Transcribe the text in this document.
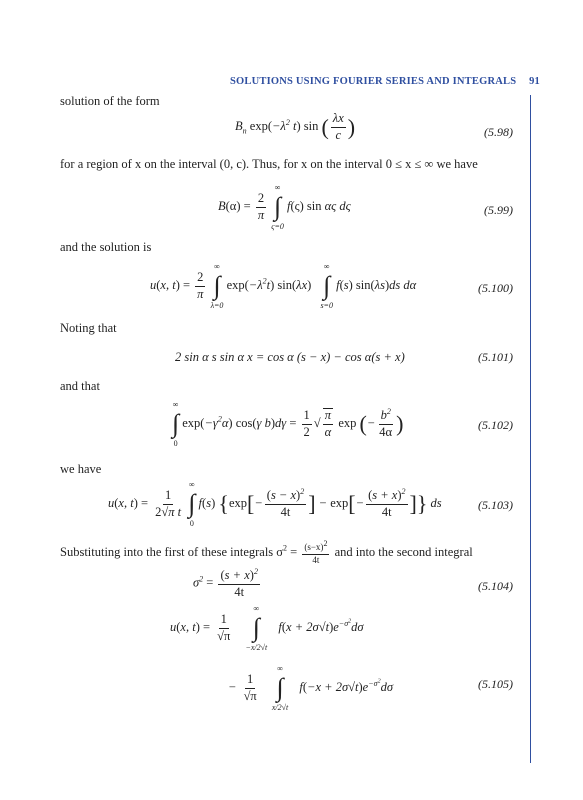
SOLUTIONS USING FOURIER SERIES AND INTEGRALS 91
solution of the form
$B_n$ $\exp(-\lambda^2$ t) sin ( $\frac{\lambda x}{c}$ )	(5.98)
for a region of x on the interval (0, c). Thus, for x on the interval 0 ≤ x ≤ ∞ we have
$B(\alpha) = \frac{2}{\pi}$

∞
∫
ς=0
f(ς) sin ας dς	(5.99)
and the solution is
u(x, $t) = \frac{2}{\pi}$

∞
∫
λ=0
$\exp(-\lambda^2t)$ sin(λx)
∞
∫
s=0
f(s) sin(λs)ds dα	(5.100)
Noting that
2 sin α s sin α x = cos α (s − x) − cos α(s + x)	(5.101)
and that
∞
∫
0
$\exp(-\gamma^2\alpha)$ cos(γ $b)d\gamma = \frac{1}{2}$ √ $\frac{\pi}{\alpha}$ exp (− $\frac{b^2}{4\alpha}$ )	(5.102)
we have
u(x, $t) = \frac{1}{\text{2√π t}}$

∞
∫
0
f(s) {$\exp[- \frac{(s - x)^2}{4t}$ ] − $\exp[- \frac{(s + x)^2}{4t}$ ]} ds	(5.103)
Substituting into the first of these integrals $\sigma^2 = \frac{(s-x)^2}{4t}$ and into the second integral
$\sigma^2 = \frac{(s + x)^2}{4t}$	(5.104)
u(x, $t) = \frac{1}{√\pi}$

∞
∫
−x/2√t
$f(x + 2\sigma√t)e^{-\sigma^2}d\sigma$
− $\frac{1}{√\pi}$

∞
∫
x/2√t
$f(-x + 2\sigma√t)e^{-\sigma^2}d\sigma$	(5.105)
